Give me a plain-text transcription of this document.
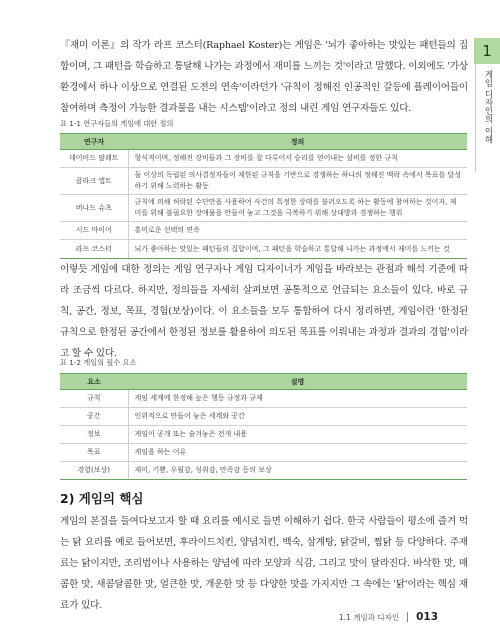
1
게임 디자인의 이해

『재미 이론』의 작가 라프 코스터(Raphael Koster)는 게임은 '뇌가 좋아하는 맛있는 패턴들의 집합이며, 그 패턴을 학습하고 통달해 나가는 과정에서 재미를 느끼는 것'이라고 말했다. 이외에도 '가상 환경에서 하나 이상으로 연결된 도전의 연속'이라던가 '규칙이 정해진 인공적인 갈등에 플레이어들이 참여하며 측정이 가능한 결과물을 내는 시스템'이라고 정의 내린 게임 연구자들도 있다.

표 1-1 연구자들의 게임에 대한 정의

연구자	정의
데이비드 팔레트	형식적이며, 정해진 장비들과 그 장비를 잘 다루어서 승리를 얻어내는 설비를 정한 규칙
클라크 앱트	둘 이상의 독립된 의사결정자들이 제한된 규칙을 기반으로 경쟁하는 하나의 정해진 맥락 속에서 목표를 달성하기 위해 노력하는 활동
버나드 슈츠	규칙에 의해 허락된 수단만을 사용하여 사건의 특정한 상태를 불러오도록 하는 활동에 참여하는 것이자, 재미를 위해 불필요한 장애물을 만들어 놓고 그것을 극복하기 위해 상대방과 경쟁하는 행위
시드 마이어	흥미로운 선택의 연속
라프 코스터	뇌가 좋아하는 맛있는 패턴들의 집합이며, 그 패턴을 학습하고 통달해 나가는 과정에서 재미를 느끼는 것

이렇듯 게임에 대한 정의는 게임 연구자나 게임 디자이너가 게임을 바라보는 관점과 해석 기준에 따라 조금씩 다르다. 하지만, 정의들을 자세히 살펴보면 공통적으로 언급되는 요소들이 있다. 바로 규칙, 공간, 정보, 목표, 경험(보상)이다. 이 요소들을 모두 통합하여 다시 정리하면, 게임이란 '한정된 규칙으로 한정된 공간에서 한정된 정보를 활용하여 의도된 목표를 이뤄내는 과정과 결과의 경험'이라고 할 수 있다.

표 1-2 게임의 필수 요소

요소	설명
규칙	게임 세계에 한정해 높은 행동 규정과 규제
공간	인위적으로 만들어 놓은 세계와 공간
정보	게임이 공개 또는 숨겨놓은 전개 내용
목표	게임을 하는 이유
경험(보상)	재미, 기쁨, 우월감, 성취감, 만족감 등의 보상
2) 게임의 핵심

게임의 본질을 들여다보고자 할 때 요리를 예시로 들면 이해하기 쉽다. 한국 사람들이 평소에 즐겨 먹는 닭 요리를 예로 들어보면, 후라이드치킨, 양념치킨, 백숙, 삼계탕, 닭갈비, 찜닭 등 다양하다. 주재료는 닭이지만, 조리법이나 사용하는 양념에 따라 모양과 식감, 그리고 맛이 달라진다. 바삭한 맛, 매콤한 맛, 새콤달콤한 맛, 얼큰한 맛, 개운한 맛 등 다양한 맛을 가지지만 그 속에는 '닭'이라는 핵심 재료가 있다.

1.1 게임과 디자인 013
